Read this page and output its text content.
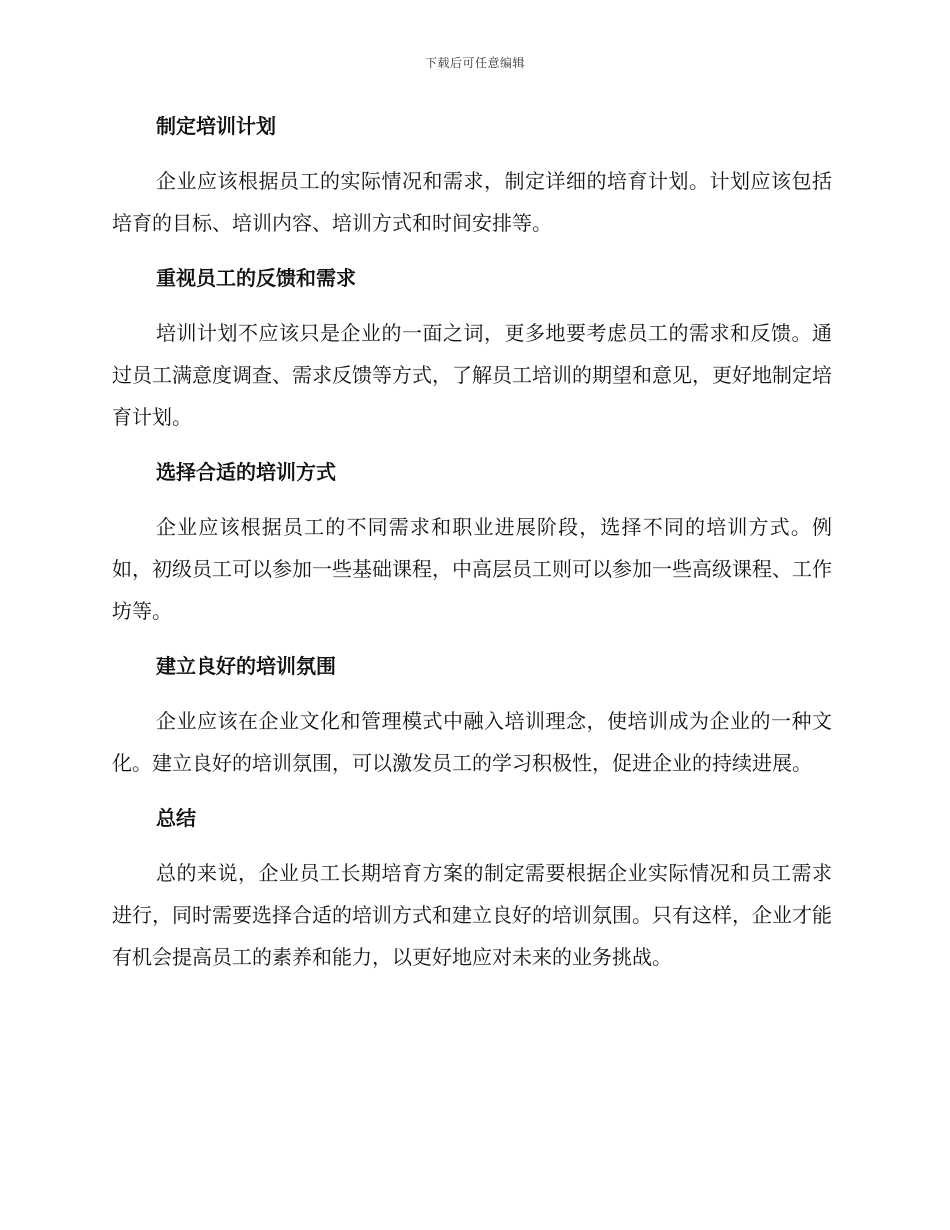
下载后可任意编辑
制定培训计划

企业应该根据员工的实际情况和需求，制定详细的培育计划。计划应该包括培育的目标、培训内容、培训方式和时间安排等。

重视员工的反馈和需求

培训计划不应该只是企业的一面之词，更多地要考虑员工的需求和反馈。通过员工满意度调查、需求反馈等方式，了解员工培训的期望和意见，更好地制定培育计划。

选择合适的培训方式

企业应该根据员工的不同需求和职业进展阶段，选择不同的培训方式。例如，初级员工可以参加一些基础课程，中高层员工则可以参加一些高级课程、工作坊等。

建立良好的培训氛围

企业应该在企业文化和管理模式中融入培训理念，使培训成为企业的一种文化。建立良好的培训氛围，可以激发员工的学习积极性，促进企业的持续进展。

总结

总的来说，企业员工长期培育方案的制定需要根据企业实际情况和员工需求进行，同时需要选择合适的培训方式和建立良好的培训氛围。只有这样，企业才能有机会提高员工的素养和能力，以更好地应对未来的业务挑战。
